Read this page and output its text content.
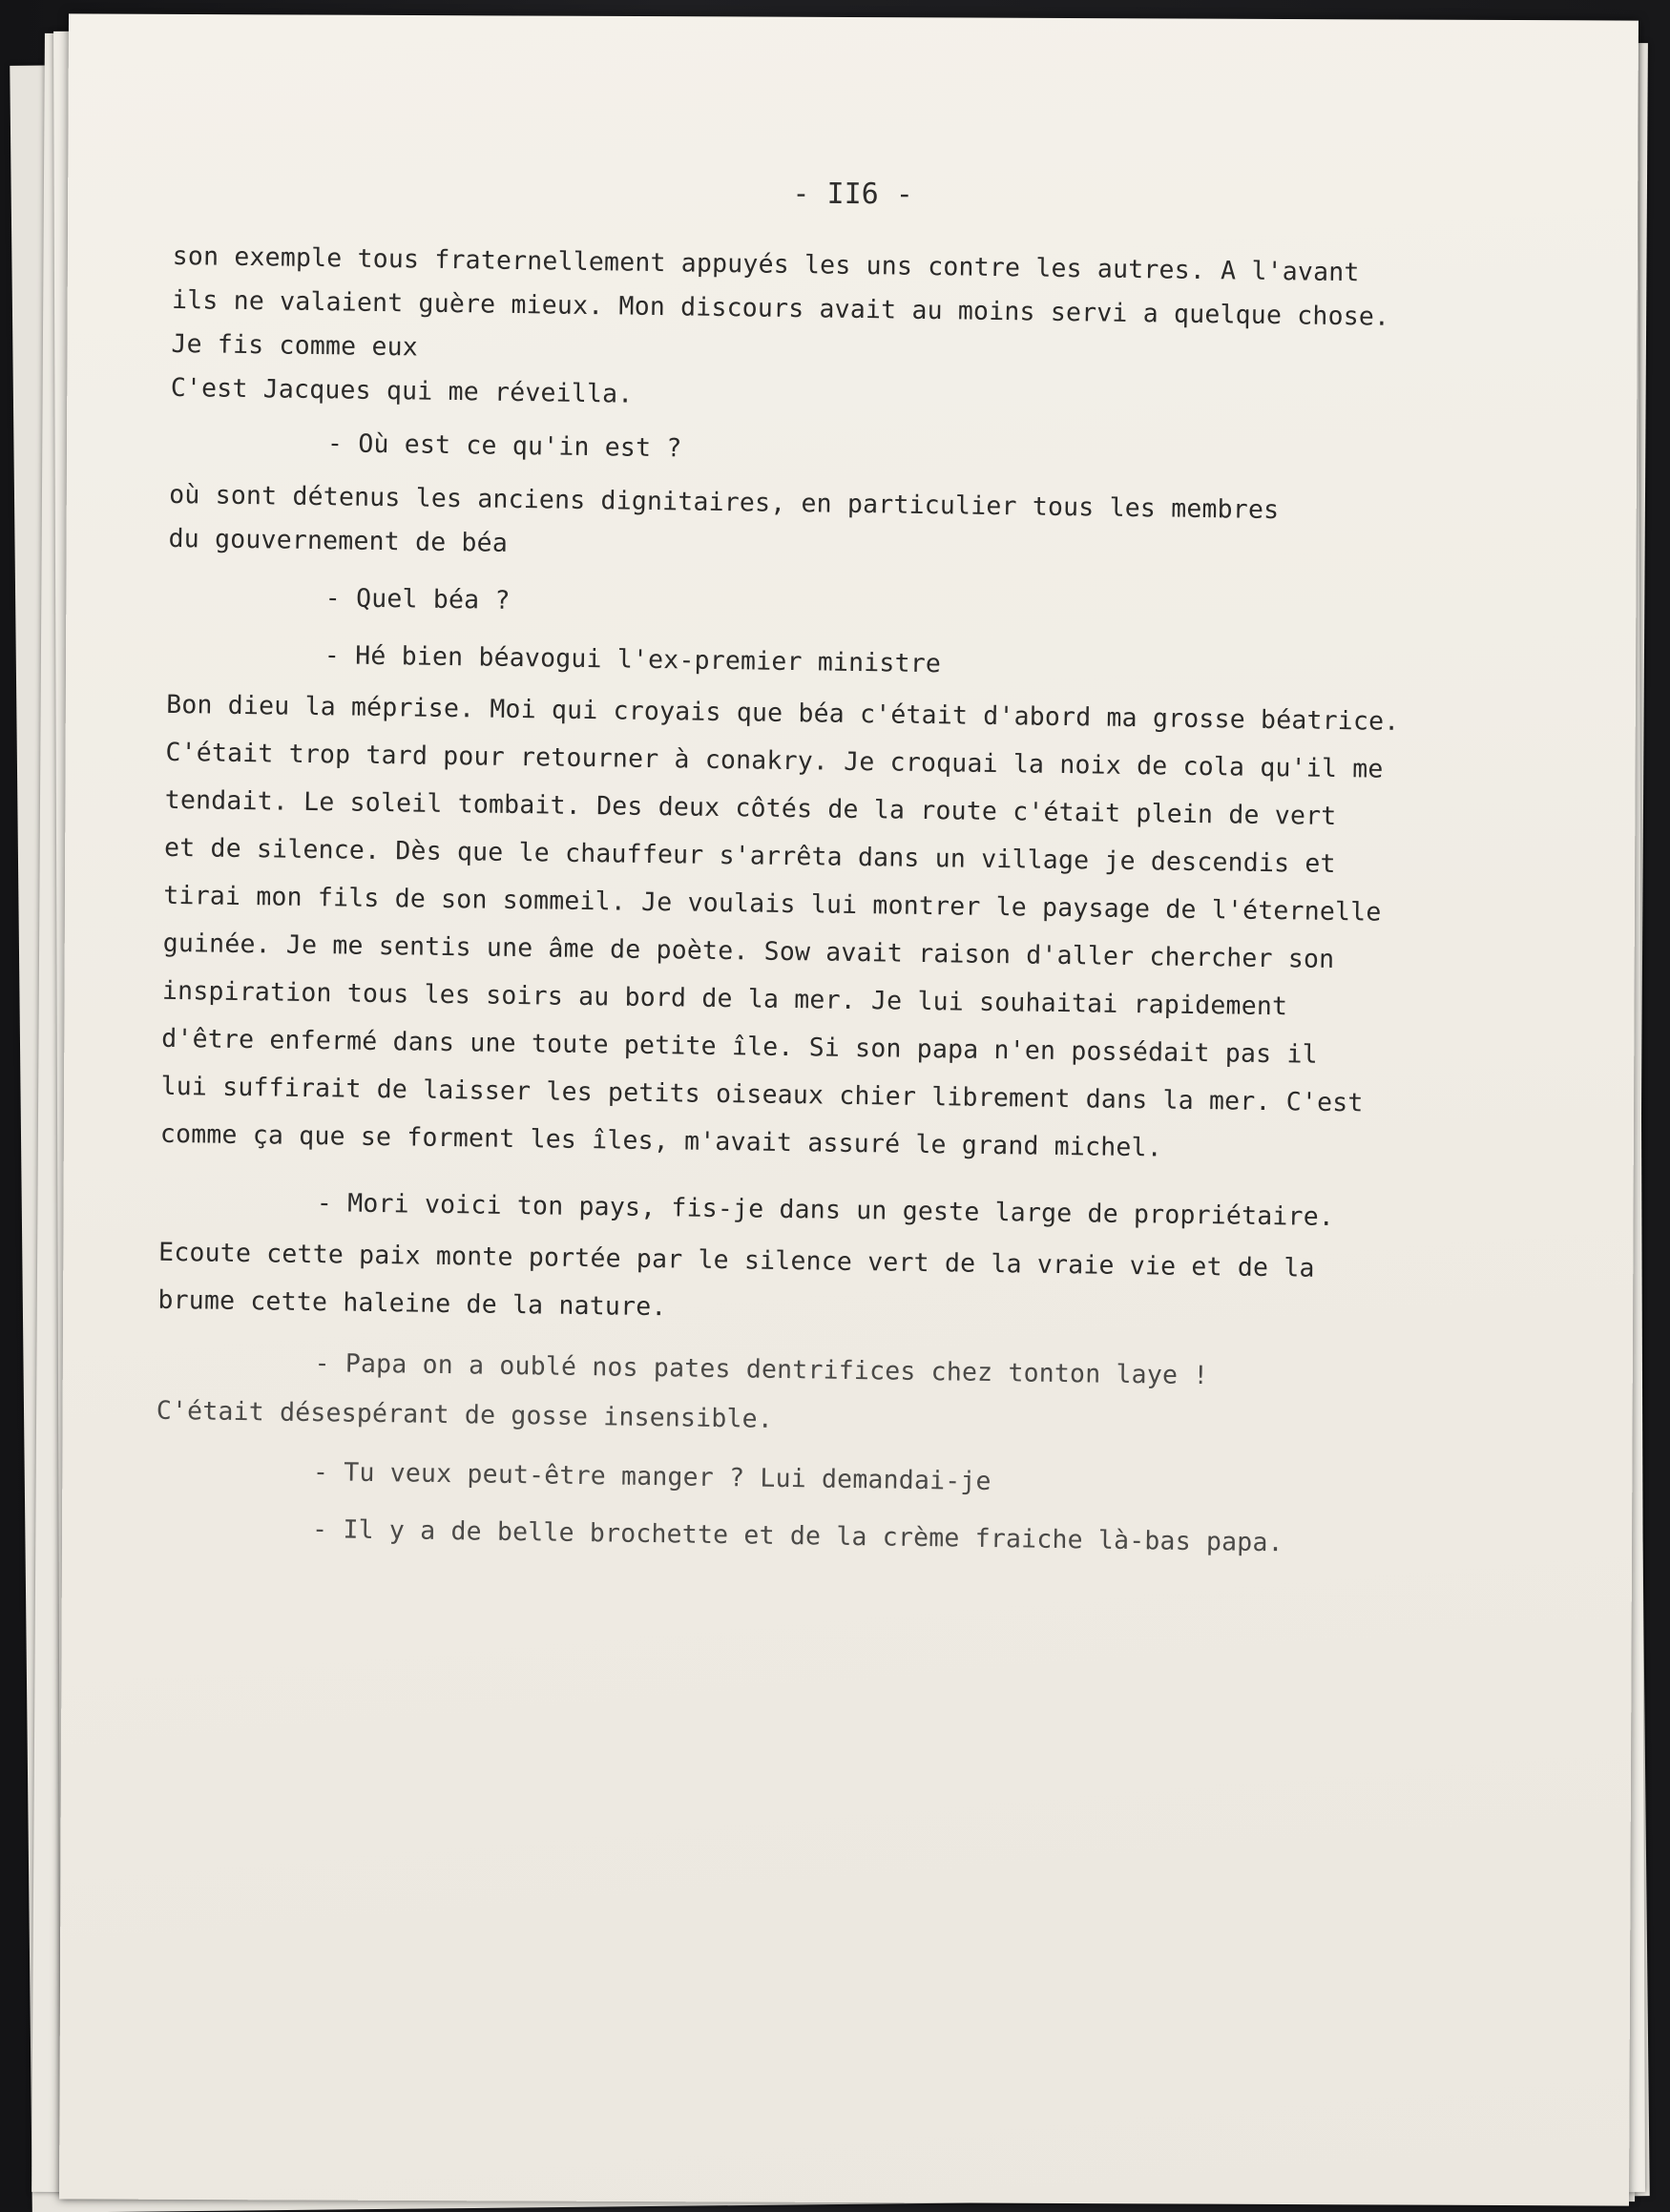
- II6 -
son exemple tous fraternellement appuyés les uns contre les autres. A l'avant
ils ne valaient guère mieux. Mon discours avait au moins servi a quelque chose.
Je fis comme eux
C'est Jacques qui me réveilla.
- Où est ce qu'in est ?
où sont détenus les anciens dignitaires, en particulier tous les membres
du gouvernement de béa
- Quel béa ?
- Hé bien béavogui l'ex-premier ministre
Bon dieu la méprise. Moi qui croyais que béa c'était d'abord ma grosse béatrice.
C'était trop tard pour retourner à conakry. Je croquai la noix de cola qu'il me
tendait. Le soleil tombait. Des deux côtés de la route c'était plein de vert
et de silence. Dès que le chauffeur s'arrêta dans un village je descendis et
tirai mon fils de son sommeil. Je voulais lui montrer le paysage de l'éternelle
guinée. Je me sentis une âme de poète. Sow avait raison d'aller chercher son
inspiration tous les soirs au bord de la mer. Je lui souhaitai rapidement
d'être enfermé dans une toute petite île. Si son papa n'en possédait pas il
lui suffirait de laisser les petits oiseaux chier librement dans la mer. C'est
comme ça que se forment les îles, m'avait assuré le grand michel.
- Mori voici ton pays, fis-je dans un geste large de propriétaire.
Ecoute cette paix monte portée par le silence vert de la vraie vie et de la
brume cette haleine de la nature.
- Papa on a oublé nos pates dentrifices chez tonton laye !
C'était désespérant de gosse insensible.
- Tu veux peut-être manger ? Lui demandai-je
- Il y a de belle brochette et de la crème fraiche là-bas papa.
